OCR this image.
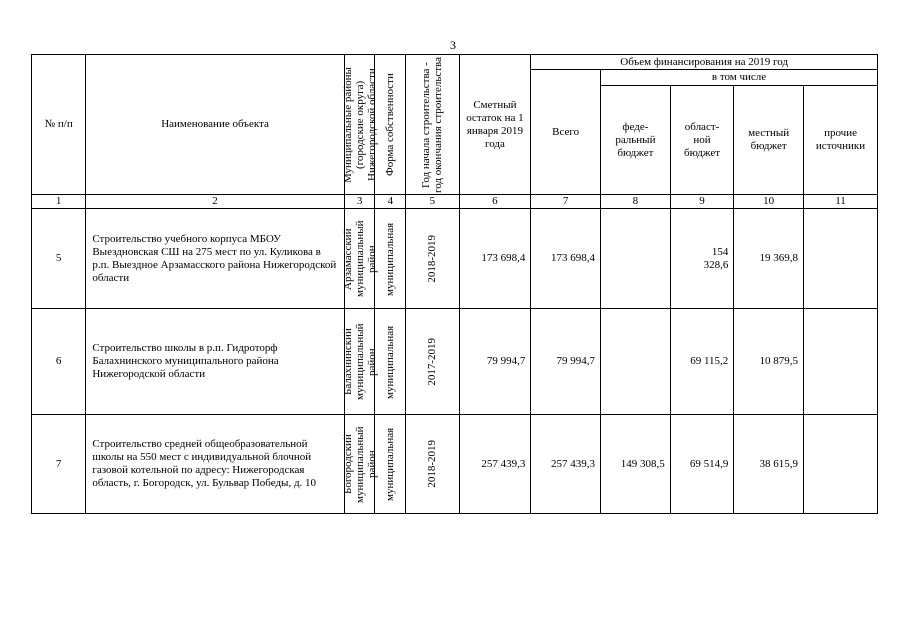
3
№ п/п	Наименование объекта	Муниципальные районы (городские округа) Нижегородской области	Форма собственности	Год начала строительства - год окончания строительства	Сметный остаток на 1 января 2019 года	Объем финансирования на 2019 год				
						Всего	в том числе			
							феде-ральный бюджет	област-ной бюджет	местный бюджет	прочие источники
1	2	3	4	5	6	7	8	9	10	11
5	Строительство учебного корпуса МБОУ Выездновская СШ на 275 мест по ул. Куликова в р.п. Выездное Арзамасского района Нижегородской области	Арзамасский муниципальный район	муниципальная	2018-2019	173 698,4	173 698,4		154 328,6	19 369,8	
6	Строительство школы в р.п. Гидроторф Балахнинского муниципального района Нижегородской области	Балахнинский муниципальный район	муниципальная	2017-2019	79 994,7	79 994,7		69 115,2	10 879,5	
7	Строительство средней общеобразовательной школы на 550 мест с индивидуальной блочной газовой котельной по адресу: Нижегородская область, г. Богородск, ул. Бульвар Победы, д. 10	Богородский муниципальный район	муниципальная	2018-2019	257 439,3	257 439,3	149 308,5	69 514,9	38 615,9	
